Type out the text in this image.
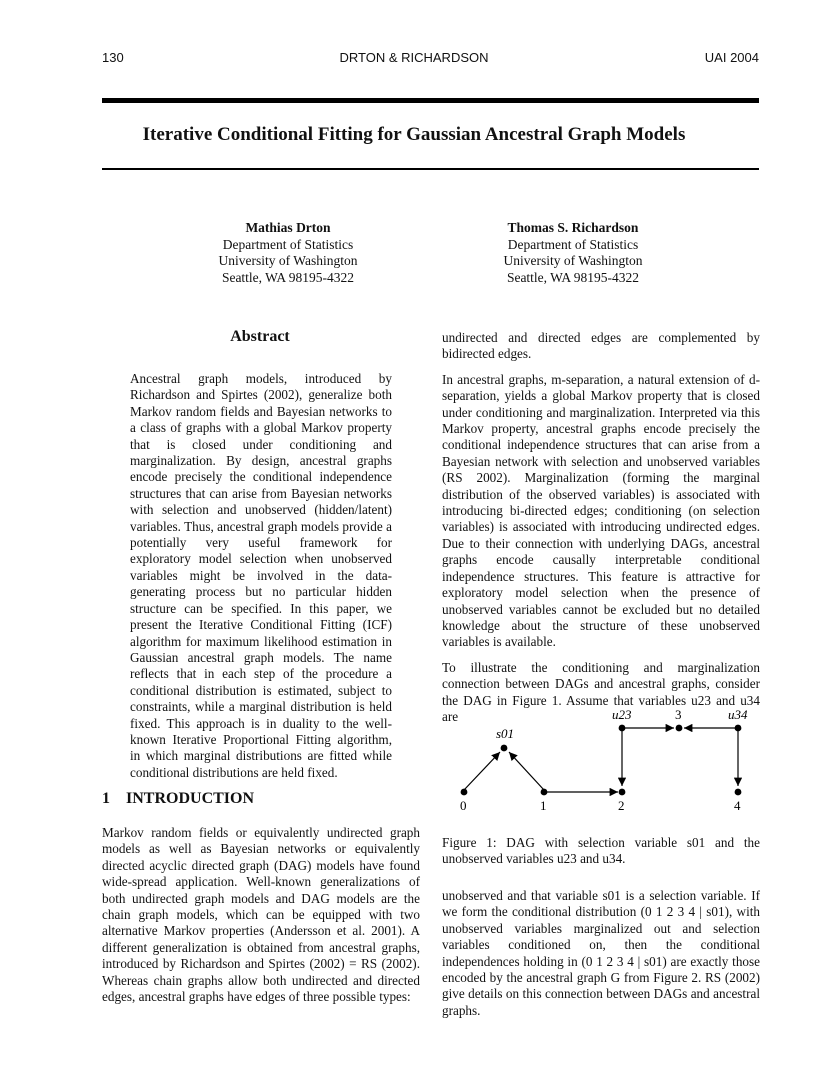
130	DRTON & RICHARDSON	UAI 2004
Iterative Conditional Fitting for Gaussian Ancestral Graph Models
Mathias Drton
Department of Statistics
University of Washington
Seattle, WA 98195-4322
Thomas S. Richardson
Department of Statistics
University of Washington
Seattle, WA 98195-4322
Abstract
Ancestral graph models, introduced by Richardson and Spirtes (2002), generalize both Markov random fields and Bayesian networks to a class of graphs with a global Markov property that is closed under conditioning and marginalization. By design, ancestral graphs encode precisely the conditional independence structures that can arise from Bayesian networks with selection and unobserved (hidden/latent) variables. Thus, ancestral graph models provide a potentially very useful framework for exploratory model selection when unobserved variables might be involved in the data-generating process but no particular hidden structure can be specified. In this paper, we present the Iterative Conditional Fitting (ICF) algorithm for maximum likelihood estimation in Gaussian ancestral graph models. The name reflects that in each step of the procedure a conditional distribution is estimated, subject to constraints, while a marginal distribution is held fixed. This approach is in duality to the well-known Iterative Proportional Fitting algorithm, in which marginal distributions are fitted while conditional distributions are held fixed.
1 INTRODUCTION
Markov random fields or equivalently undirected graph models as well as Bayesian networks or equivalently directed acyclic directed graph (DAG) models have found wide-spread application. Well-known generalizations of both undirected graph models and DAG models are the chain graph models, which can be equipped with two alternative Markov properties (Andersson et al. 2001). A different generalization is obtained from ancestral graphs, introduced by Richardson and Spirtes (2002) = RS (2002). Whereas chain graphs allow both undirected and directed edges, ancestral graphs have edges of three possible types:

undirected and directed edges are complemented by bidirected edges.

In ancestral graphs, m-separation, a natural extension of d-separation, yields a global Markov property that is closed under conditioning and marginalization. Interpreted via this Markov property, ancestral graphs encode precisely the conditional independence structures that can arise from a Bayesian network with selection and unobserved variables (RS 2002). Marginalization (forming the marginal distribution of the observed variables) is associated with introducing bi-directed edges; conditioning (on selection variables) is associated with introducing undirected edges. Due to their connection with underlying DAGs, ancestral graphs encode causally interpretable conditional independence structures. This feature is attractive for exploratory model selection when the presence of unobserved variables cannot be excluded but no detailed knowledge about the structure of these unobserved variables is available.

To illustrate the conditioning and marginalization connection between DAGs and ancestral graphs, consider the DAG in Figure 1. Assume that variables u23 and u34 are

0	1	2	4
3
s01
u23	u34
Figure 1: DAG with selection variable s01 and the unobserved variables u23 and u34.
unobserved and that variable s01 is a selection variable. If we form the conditional distribution (0 1 2 3 4 | s01), with unobserved variables marginalized out and selection variables conditioned on, then the conditional independences holding in (0 1 2 3 4 | s01) are exactly those encoded by the ancestral graph G from Figure 2. RS (2002) give details on this connection between DAGs and ancestral graphs.
